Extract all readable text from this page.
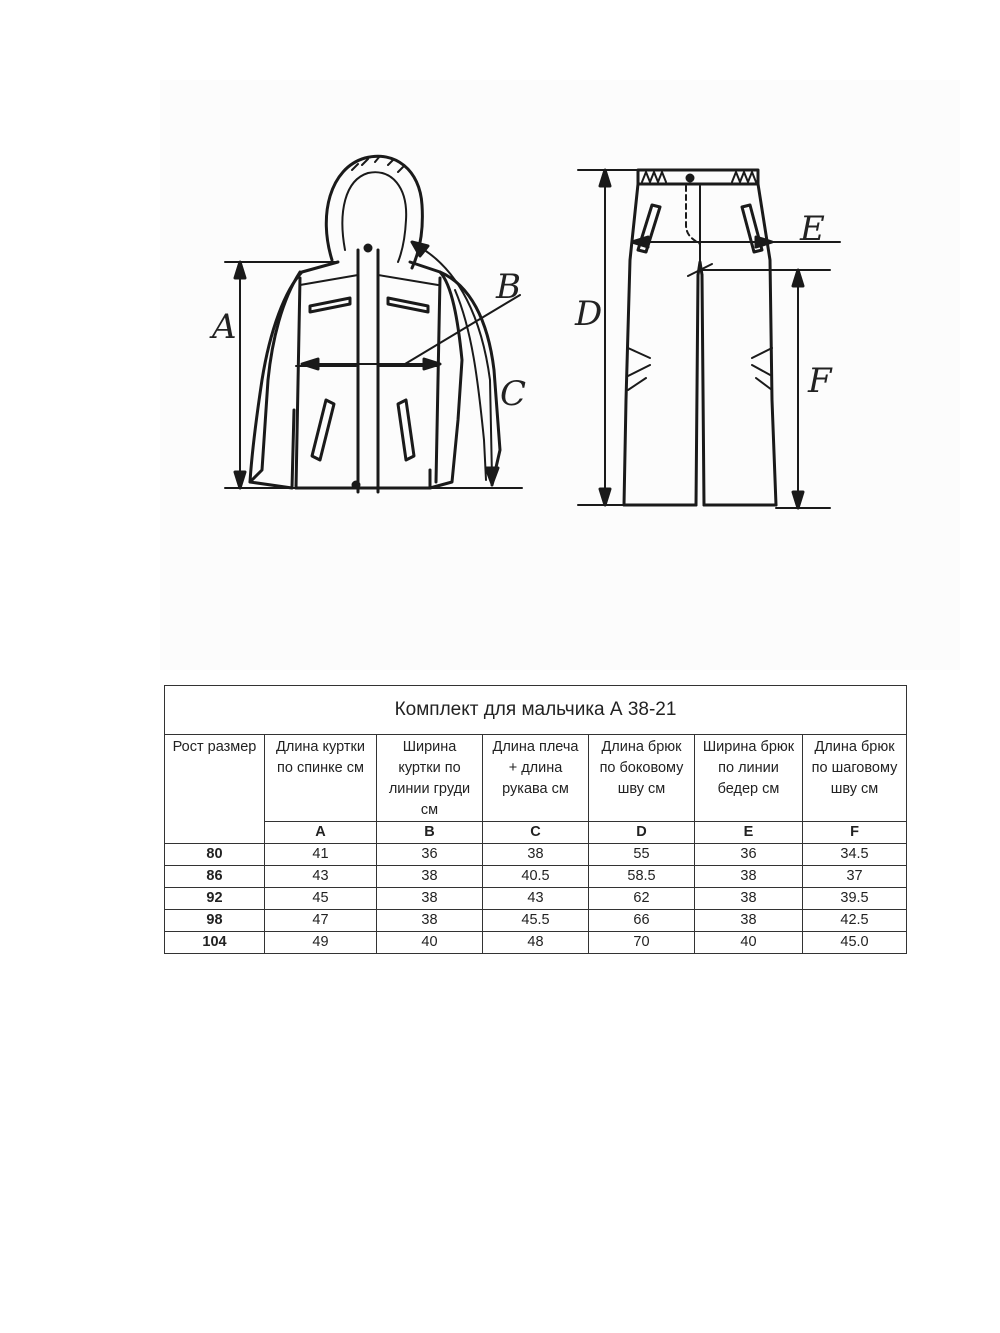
A
B
C
D
E
F
Комплект для мальчика А 38-21						

Рост размер	Длина куртки по спинке см	Ширина куртки по линии груди см	Длина плеча + длина рукава см	Длина брюк по боковому шву см	Ширина брюк по линии бедер см	Длина брюк по шаговому шву см

	A	B	C	D	E	F
80	41	36	38	55	36	34.5
86	43	38	40.5	58.5	38	37
92	45	38	43	62	38	39.5
98	47	38	45.5	66	38	42.5
104	49	40	48	70	40	45.0
